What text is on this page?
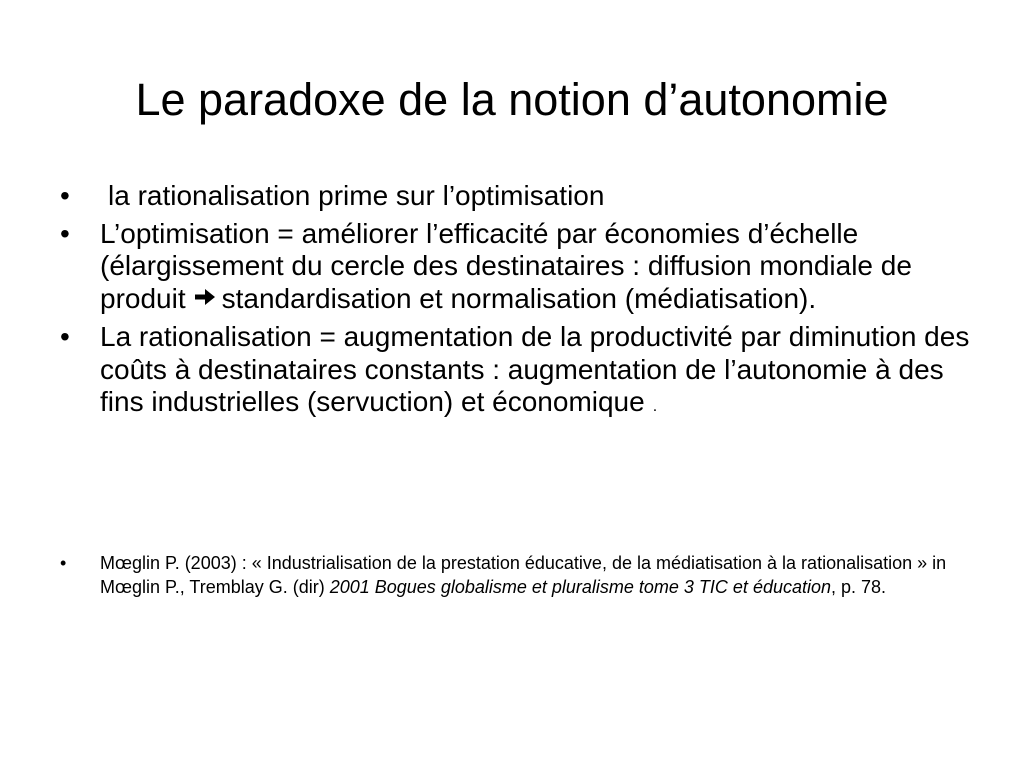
Le paradoxe de la notion d’autonomie
• la rationalisation prime sur l’optimisation
• L’optimisation = améliorer l’efficacité par économies d’échelle (élargissement du cercle des destinataires : diffusion mondiale de produit standardisation et normalisation (médiatisation).
• La rationalisation = augmentation de la productivité par diminution des coûts à destinataires constants : augmentation de l’autonomie à des fins industrielles (servuction) et économique .
• Mœglin P. (2003) : « Industrialisation de la prestation éducative, de la médiatisation à la rationalisation » in Mœglin P., Tremblay G. (dir) 2001 Bogues globalisme et pluralisme tome 3 TIC et éducation, p. 78.
